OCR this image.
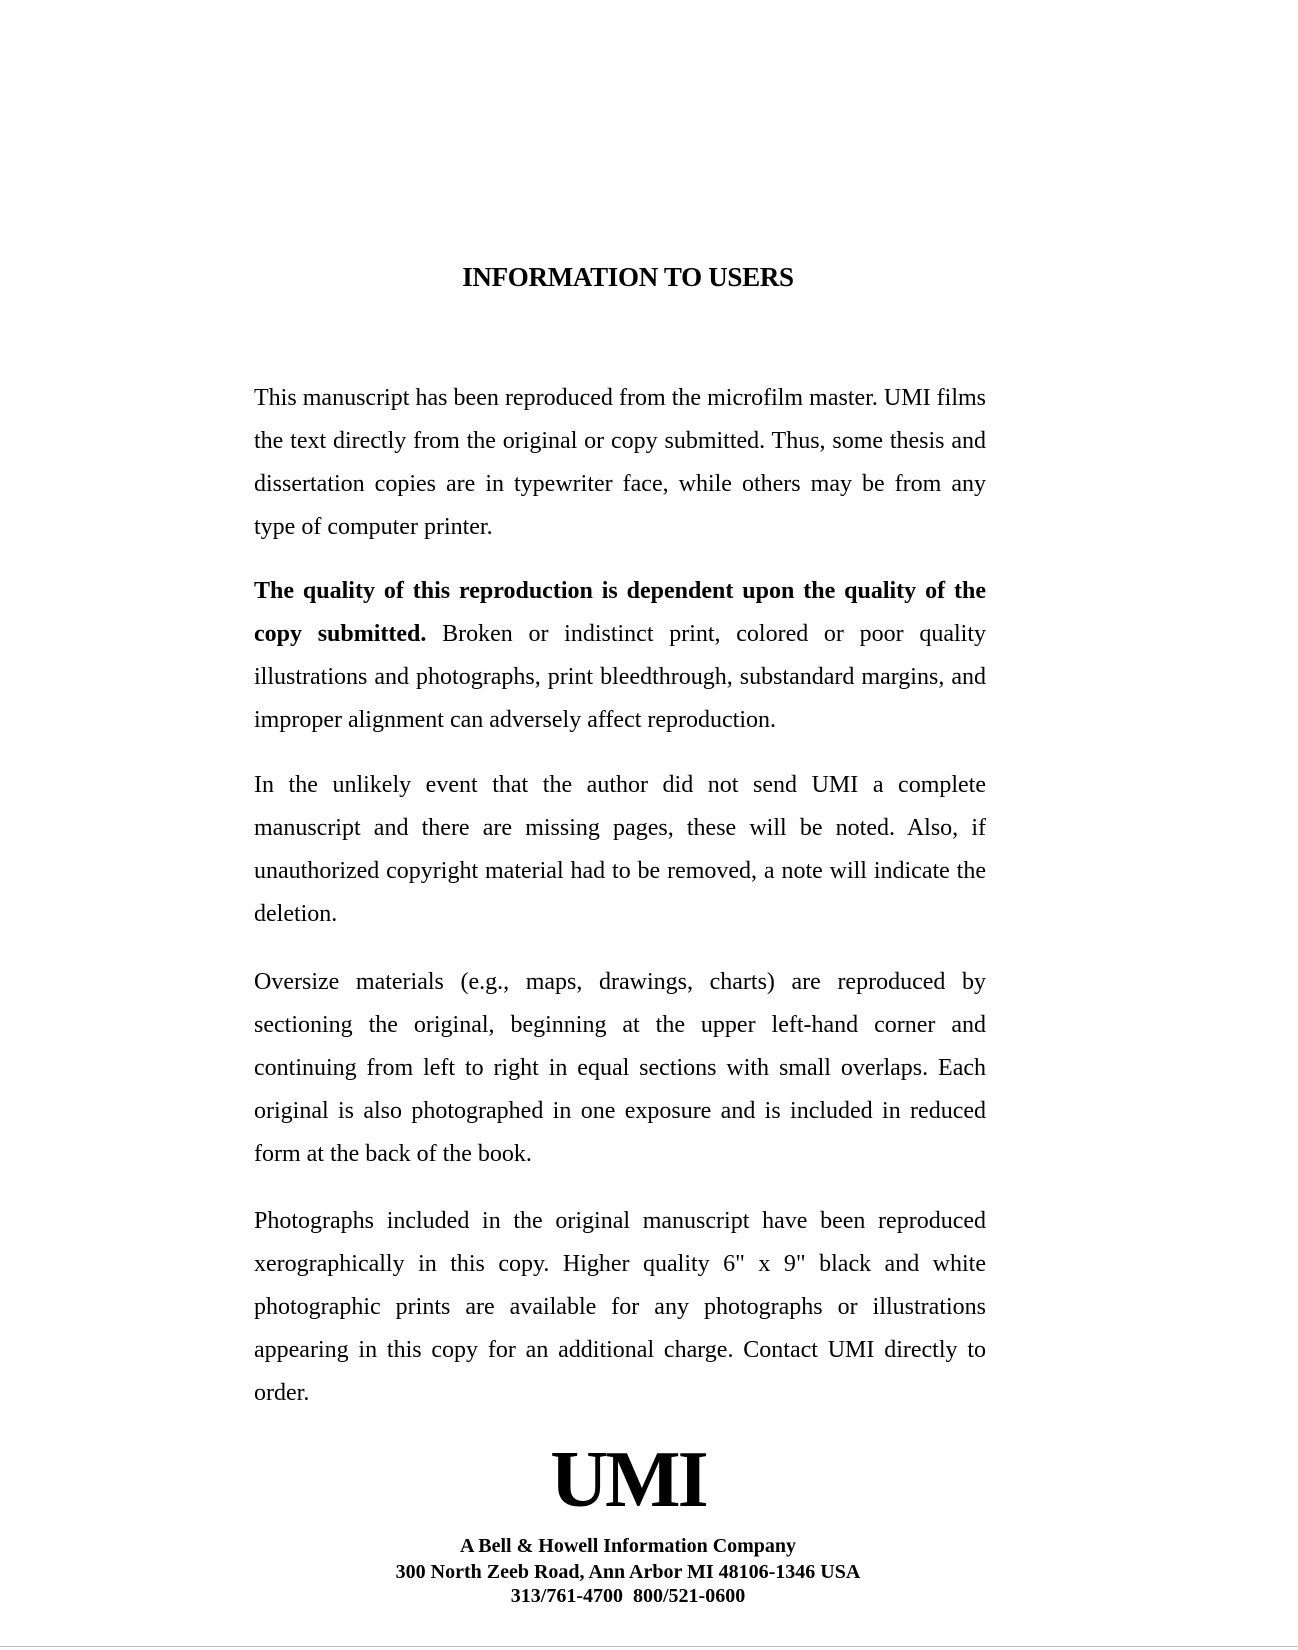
INFORMATION TO USERS

This manuscript has been reproduced from the microfilm master. UMI films the text directly from the original or copy submitted. Thus, some thesis and dissertation copies are in typewriter face, while others may be from any type of computer printer.

The quality of this reproduction is dependent upon the quality of the copy submitted. Broken or indistinct print, colored or poor quality illustrations and photographs, print bleedthrough, substandard margins, and improper alignment can adversely affect reproduction.

In the unlikely event that the author did not send UMI a complete manuscript and there are missing pages, these will be noted. Also, if unauthorized copyright material had to be removed, a note will indicate the deletion.

Oversize materials (e.g., maps, drawings, charts) are reproduced by sectioning the original, beginning at the upper left-hand corner and continuing from left to right in equal sections with small overlaps. Each original is also photographed in one exposure and is included in reduced form at the back of the book.

Photographs included in the original manuscript have been reproduced xerographically in this copy. Higher quality 6" x 9" black and white photographic prints are available for any photographs or illustrations appearing in this copy for an additional charge. Contact UMI directly to order.

UMI
A Bell & Howell Information Company
300 North Zeeb Road, Ann Arbor MI 48106-1346 USA
313/761-4700  800/521-0600
